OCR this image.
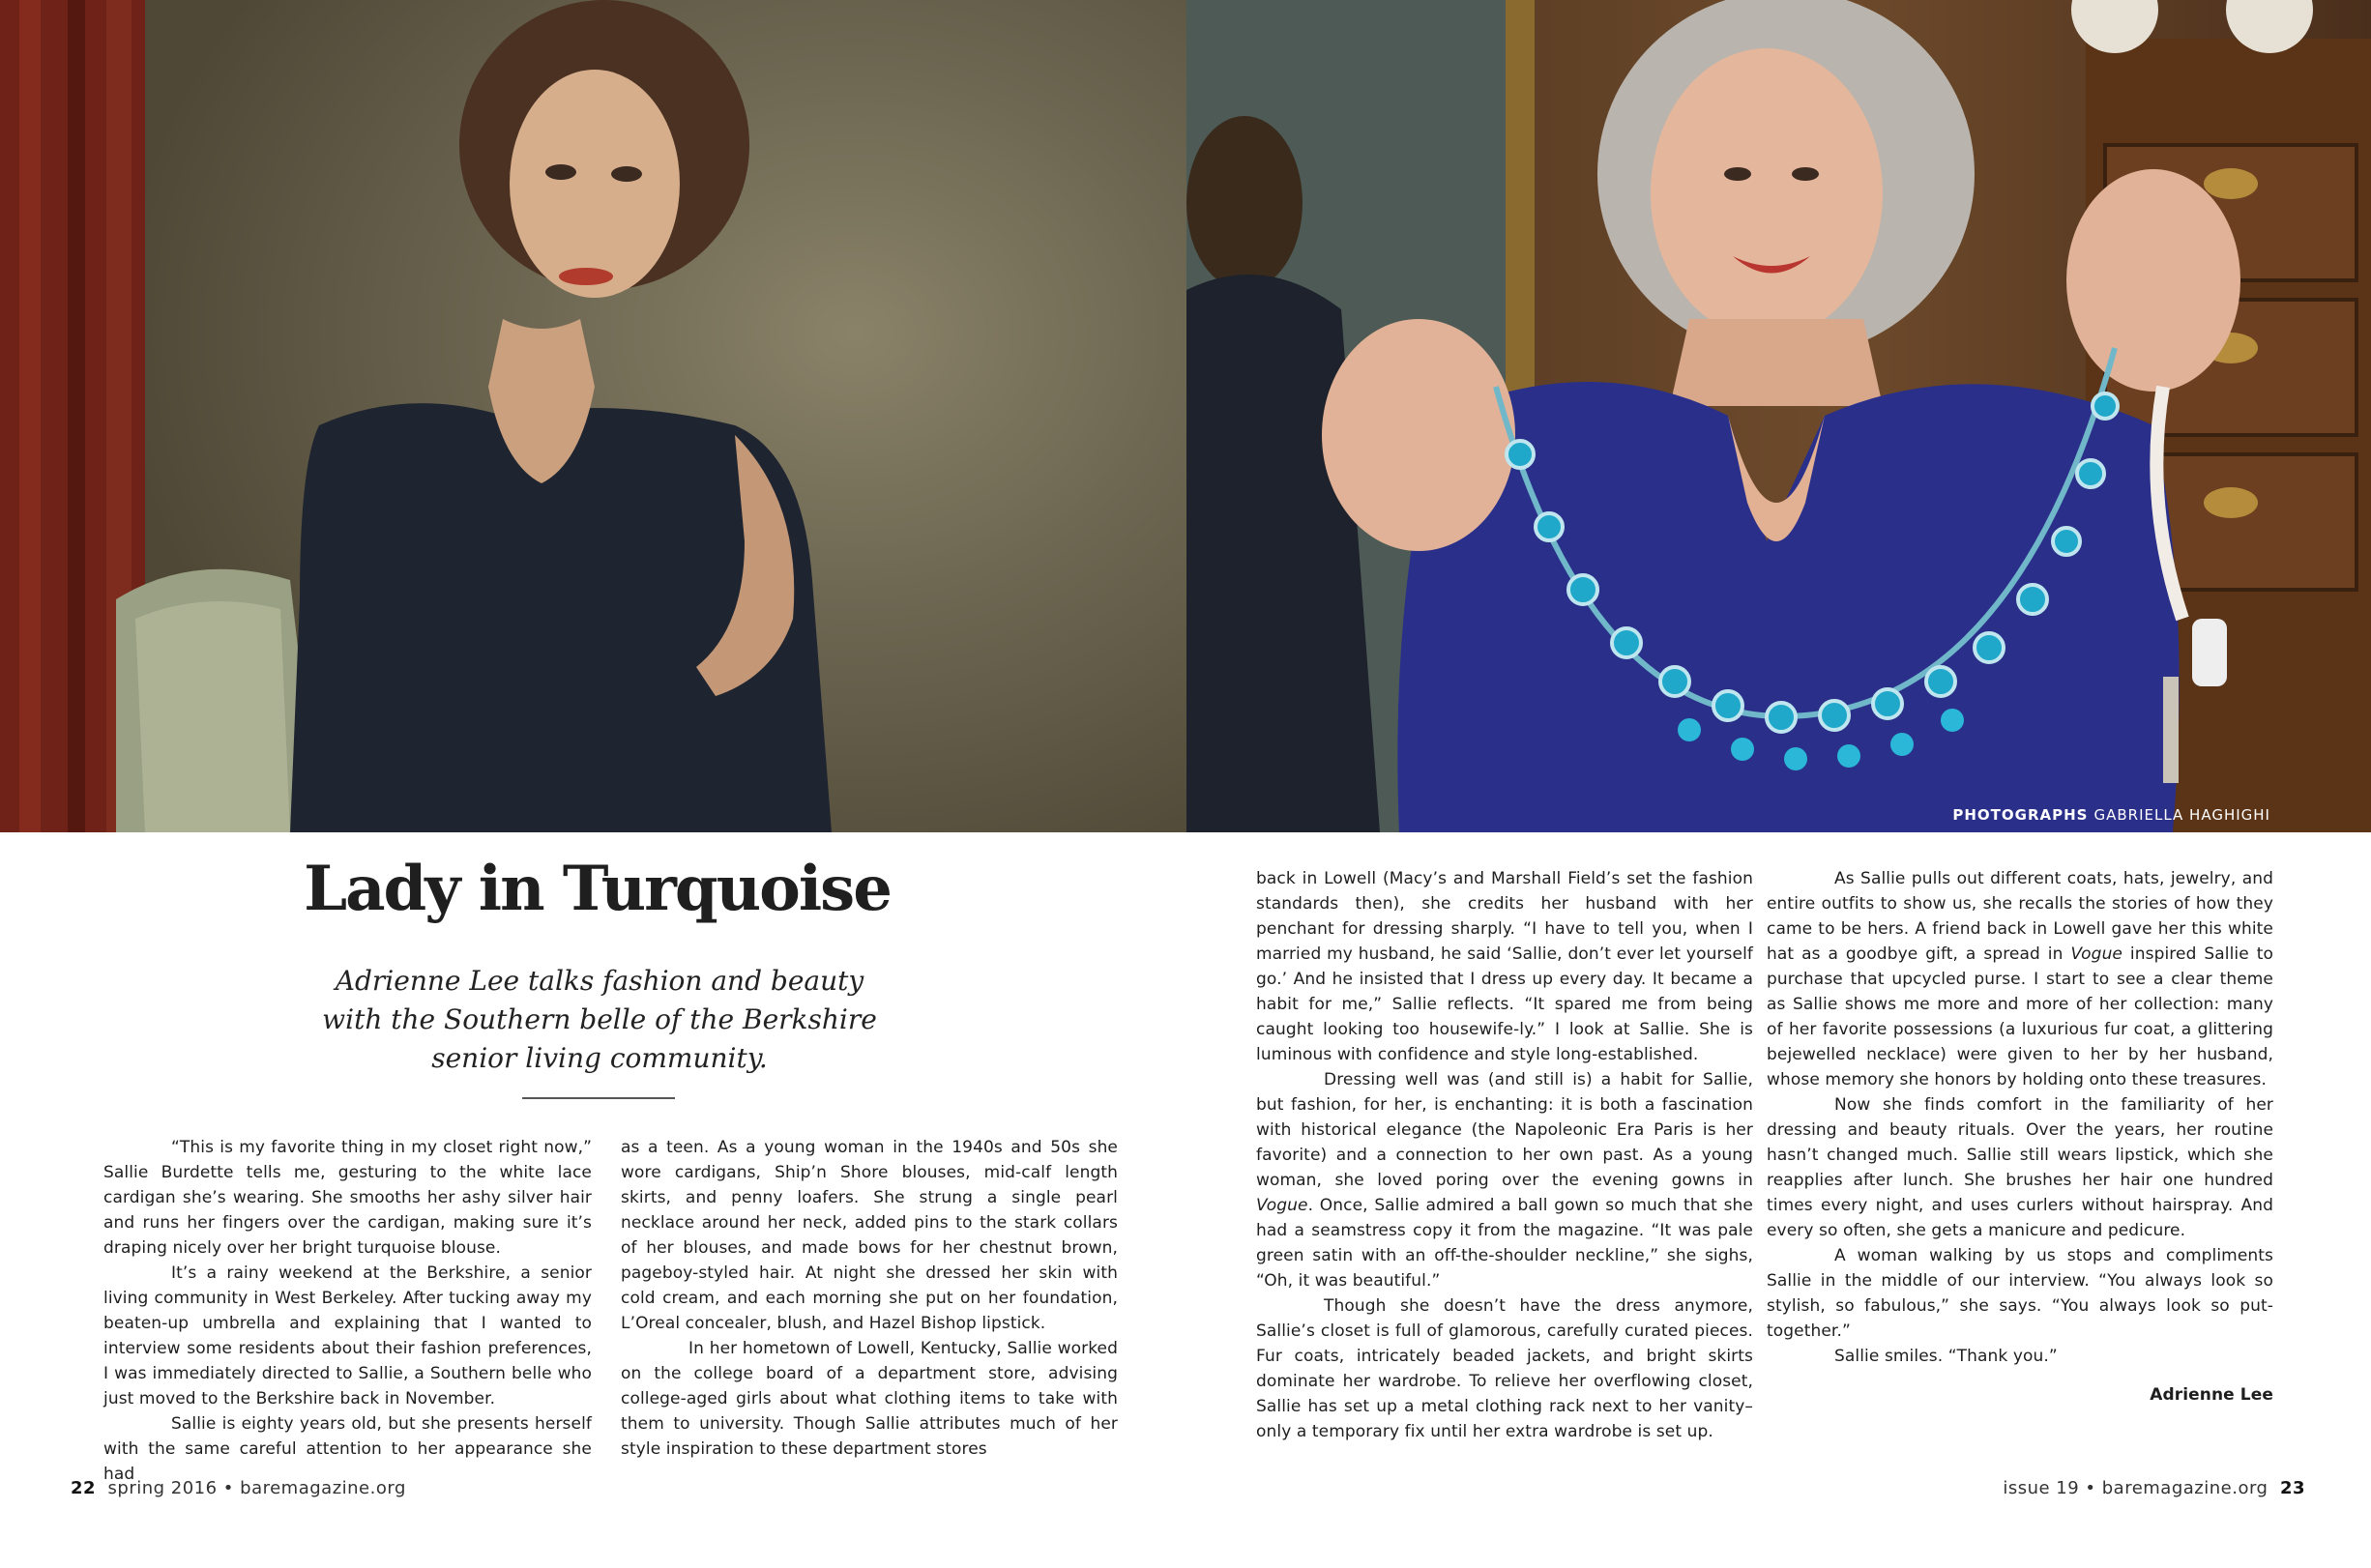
PHOTOGRAPHS GABRIELLA HAGHIGHI
Lady in Turquoise
Adrienne Lee talks fashion and beauty with the Southern belle of the Berkshire senior living community.

“This is my favorite thing in my closet right now,” Sallie Burdette tells me, gesturing to the white lace cardigan she’s wearing. She smooths her ashy silver hair and runs her fingers over the cardigan, making sure it’s draping nicely over her bright turquoise blouse.

It’s a rainy weekend at the Berkshire, a senior living community in West Berkeley. After tucking away my beaten-up umbrella and explaining that I wanted to interview some residents about their fashion preferences, I was immediately directed to Sallie, a Southern belle who just moved to the Berkshire back in November.

Sallie is eighty years old, but she presents herself with the same careful attention to her appearance she had

as a teen. As a young woman in the 1940s and 50s she wore cardigans, Ship’n Shore blouses, mid-calf length skirts, and penny loafers. She strung a single pearl necklace around her neck, added pins to the stark collars of her blouses, and made bows for her chestnut brown, pageboy-styled hair. At night she dressed her skin with cold cream, and each morning she put on her foundation, L’Oreal concealer, blush, and Hazel Bishop lipstick.

In her hometown of Lowell, Kentucky, Sallie worked on the college board of a department store, advising college-aged girls about what clothing items to take with them to university. Though Sallie attributes much of her style inspiration to these department stores

back in Lowell (Macy’s and Marshall Field’s set the fashion standards then), she credits her husband with her penchant for dressing sharply. “I have to tell you, when I married my husband, he said ‘Sallie, don’t ever let yourself go.’ And he insisted that I dress up every day. It became a habit for me,” Sallie reflects. “It spared me from being caught looking too housewife-ly.” I look at Sallie. She is luminous with confidence and style long-established.

Dressing well was (and still is) a habit for Sallie, but fashion, for her, is enchanting: it is both a fascination with historical elegance (the Napoleonic Era Paris is her favorite) and a connection to her own past. As a young woman, she loved poring over the evening gowns in Vogue. Once, Sallie admired a ball gown so much that she had a seamstress copy it from the magazine. “It was pale green satin with an off-the-shoulder neckline,” she sighs, “Oh, it was beautiful.”

Though she doesn’t have the dress anymore, Sallie’s closet is full of glamorous, carefully curated pieces. Fur coats, intricately beaded jackets, and bright skirts dominate her wardrobe. To relieve her overflowing closet, Sallie has set up a metal clothing rack next to her vanity–only a temporary fix until her extra wardrobe is set up.

As Sallie pulls out different coats, hats, jewelry, and entire outfits to show us, she recalls the stories of how they came to be hers. A friend back in Lowell gave her this white hat as a goodbye gift, a spread in Vogue inspired Sallie to purchase that upcycled purse. I start to see a clear theme as Sallie shows me more and more of her collection: many of her favorite possessions (a luxurious fur coat, a glittering bejewelled necklace) were given to her by her husband, whose memory she honors by holding onto these treasures.

Now she finds comfort in the familiarity of her dressing and beauty rituals. Over the years, her routine hasn’t changed much. Sallie still wears lipstick, which she reapplies after lunch. She brushes her hair one hundred times every night, and uses curlers without hairspray. And every so often, she gets a manicure and pedicure.

A woman walking by us stops and compliments Sallie in the middle of our interview. “You always look so stylish, so fabulous,” she says. “You always look so put-together.”

Sallie smiles. “Thank you.”

Adrienne Lee

22 spring 2016 • baremagazine.org	issue 19 • baremagazine.org 23
